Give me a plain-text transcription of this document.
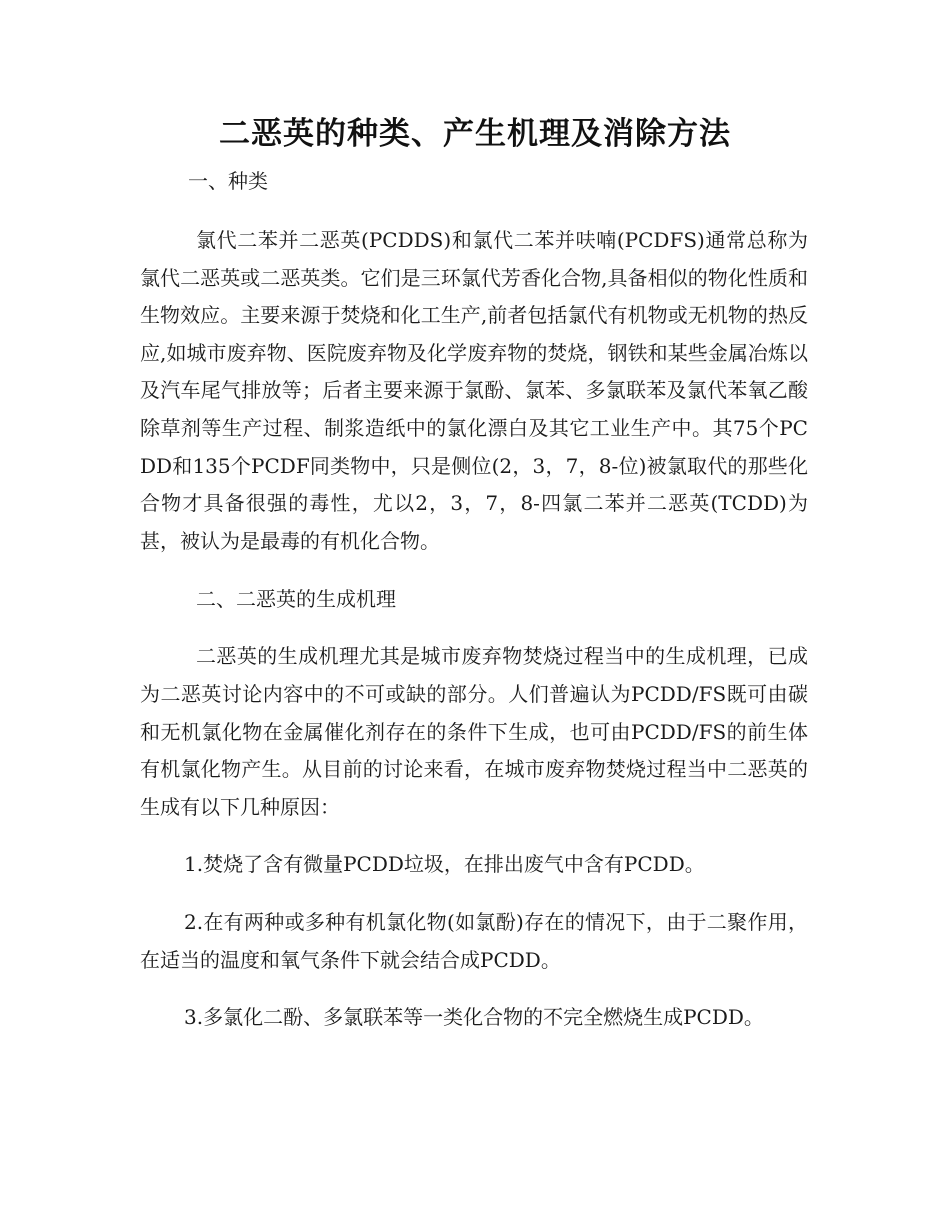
二恶英的种类、产生机理及消除方法

一、种类

氯代二苯并二恶英(PCDDS)和氯代二苯并呋喃(PCDFS)通常总称为氯代二恶英或二恶英类。它们是三环氯代芳香化合物,具备相似的物化性质和生物效应。主要来源于焚烧和化工生产,前者包括氯代有机物或无机物的热反应,如城市废弃物、医院废弃物及化学废弃物的焚烧，钢铁和某些金属冶炼以及汽车尾气排放等；后者主要来源于氯酚、氯苯、多氯联苯及氯代苯氧乙酸除草剂等生产过程、制浆造纸中的氯化漂白及其它工业生产中。其75个PCDD和135个PCDF同类物中，只是侧位(2，3，7，8-位)被氯取代的那些化合物才具备很强的毒性，尤以2，3，7，8-四氯二苯并二恶英(TCDD)为甚，被认为是最毒的有机化合物。

二、二恶英的生成机理

二恶英的生成机理尤其是城市废弃物焚烧过程当中的生成机理，已成为二恶英讨论内容中的不可或缺的部分。人们普遍认为PCDD/FS既可由碳和无机氯化物在金属催化剂存在的条件下生成，也可由PCDD/FS的前生体有机氯化物产生。从目前的讨论来看，在城市废弃物焚烧过程当中二恶英的生成有以下几种原因：

1.焚烧了含有微量PCDD垃圾，在排出废气中含有PCDD。

2.在有两种或多种有机氯化物(如氯酚)存在的情况下，由于二聚作用，在适当的温度和氧气条件下就会结合成PCDD。

3.多氯化二酚、多氯联苯等一类化合物的不完全燃烧生成PCDD。
